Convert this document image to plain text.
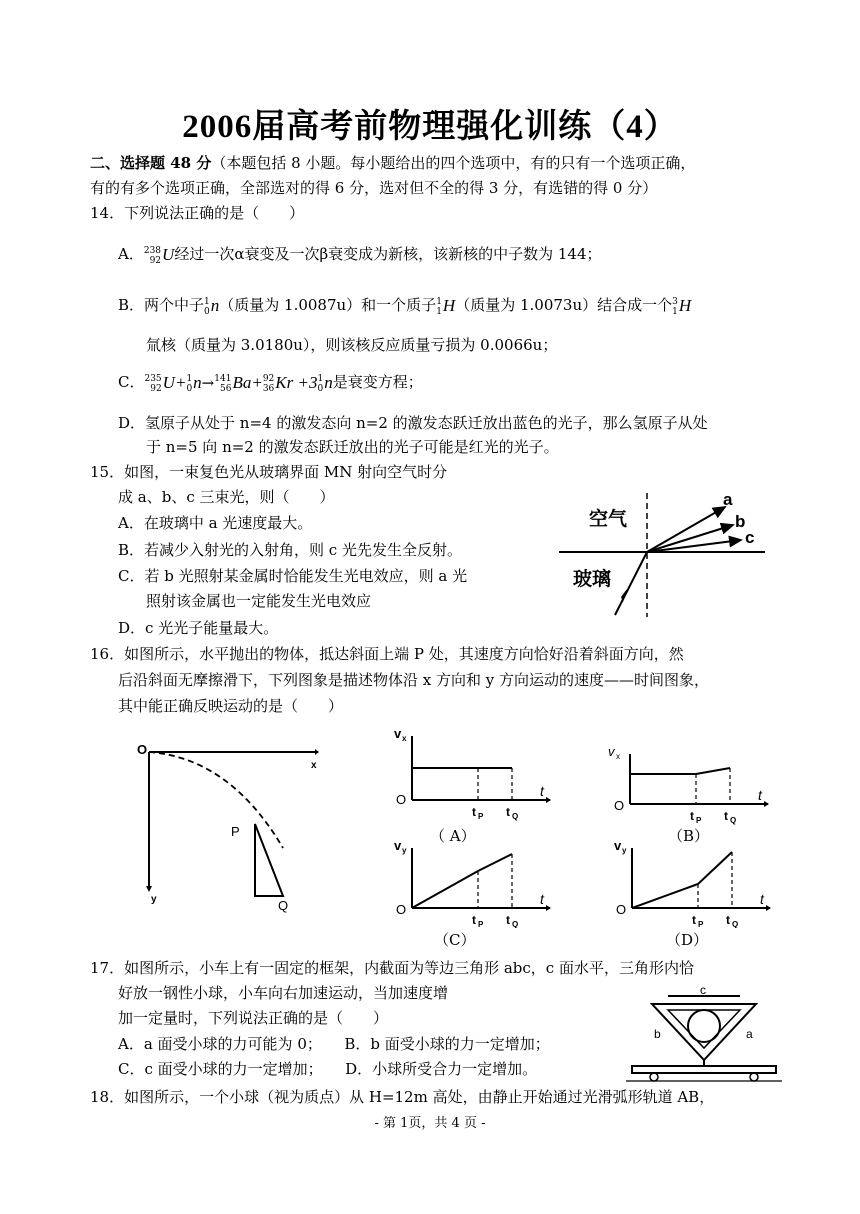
2006届高考前物理强化训练（4）
二、选择题 48 分（本题包括 8 小题。每小题给出的四个选项中，有的只有一个选项正确，
有的有多个选项正确，全部选对的得 6 分，选对但不全的得 3 分，有选错的得 0 分）
14．下列说法正确的是（　　）
A． 238
92 U经过一次α衰变及一次β衰变成为新核，该新核的中子数为 144；
B．两个中子 1
0 n（质量为 1.0087u）和一个质子 1
1 H（质量为 1.0073u）结合成一个 3
1 H
氚核（质量为 3.0180u），则该核反应质量亏损为 0.0066u；
C． 235
92 U+ 1
0 n→ 141
56 Ba+ 92
36 Kr +3 1
0 n是衰变方程；
D．氢原子从处于 n=4 的激发态向 n=2 的激发态跃迁放出蓝色的光子，那么氢原子从处
于 n=5 向 n=2 的激发态跃迁放出的光子可能是红光的光子。
15．如图，一束复色光从玻璃界面 MN 射向空气时分
成 a、b、c 三束光，则（　　）
A．在玻璃中 a 光速度最大。
B．若减少入射光的入射角，则 c 光先发生全反射。
C．若 b 光照射某金属时恰能发生光电效应，则 a 光
照射该金属也一定能发生光电效应
D．c 光光子能量最大。
空气
玻璃
a
b
c
16．如图所示，水平抛出的物体，抵达斜面上端 P 处，其速度方向恰好沿着斜面方向，然
后沿斜面无摩擦滑下，下列图象是描述物体沿 x 方向和 y 方向运动的速度——时间图象，
其中能正确反映运动的是（　　）
O
x
y
P
Q
v x
O
t
t P t Q
（ A）
v x
O
t
t P t Q
（B）
v y
O
t
t P t Q
（C）
v y
O
t
t P t Q
（D）
17．如图所示，小车上有一固定的框架，内截面为等边三角形 abc，c 面水平，三角形内恰
好放一钢性小球，小车向右加速运动，当加速度增
加一定量时，下列说法正确的是（　　）
A．a 面受小球的力可能为 0；　　B．b 面受小球的力一定增加；
C．c 面受小球的力一定增加；　　D．小球所受合力一定增加。
c
b	a
18．如图所示，一个小球（视为质点）从 H=12m 高处，由静止开始通过光滑弧形轨道 AB，
- 第 1页，共 4 页 -
